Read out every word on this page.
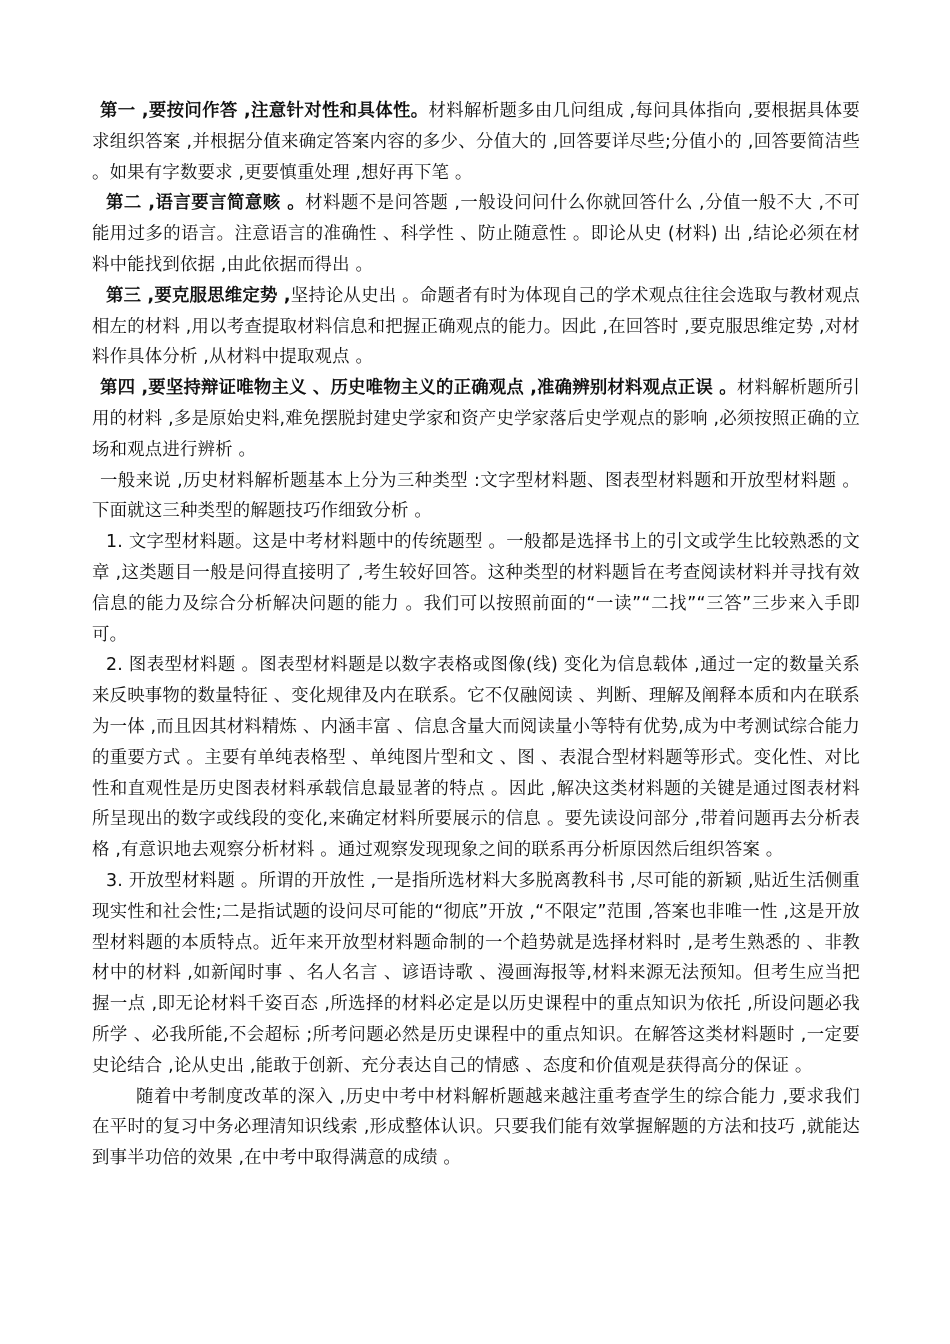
第一 ,要按问作答 ,注意针对性和具体性。材料解析题多由几问组成 ,每问具体指向 ,要根据具体要求组织答案 ,并根据分值来确定答案内容的多少、分值大的 ,回答要详尽些;分值小的 ,回答要简洁些 。如果有字数要求 ,更要慎重处理 ,想好再下笔 。

第二 ,语言要言简意赅 。材料题不是问答题 ,一般设问问什么你就回答什么 ,分值一般不大 ,不可能用过多的语言。注意语言的准确性 、科学性 、防止随意性 。即论从史 (材料) 出 ,结论必须在材料中能找到依据 ,由此依据而得出 。

第三 ,要克服思维定势 ,坚持论从史出 。命题者有时为体现自己的学术观点往往会选取与教材观点相左的材料 ,用以考查提取材料信息和把握正确观点的能力。因此 ,在回答时 ,要克服思维定势 ,对材料作具体分析 ,从材料中提取观点 。

第四 ,要坚持辩证唯物主义 、历史唯物主义的正确观点 ,准确辨别材料观点正误 。材料解析题所引用的材料 ,多是原始史料,难免摆脱封建史学家和资产史学家落后史学观点的影响 ,必须按照正确的立场和观点进行辨析 。

一般来说 ,历史材料解析题基本上分为三种类型 :文字型材料题、图表型材料题和开放型材料题 。下面就这三种类型的解题技巧作细致分析 。

1. 文字型材料题。这是中考材料题中的传统题型 。一般都是选择书上的引文或学生比较熟悉的文章 ,这类题目一般是问得直接明了 ,考生较好回答。这种类型的材料题旨在考查阅读材料并寻找有效信息的能力及综合分析解决问题的能力 。我们可以按照前面的“一读”“二找”“三答”三步来入手即可。

2. 图表型材料题 。图表型材料题是以数字表格或图像(线) 变化为信息载体 ,通过一定的数量关系来反映事物的数量特征 、变化规律及内在联系。它不仅融阅读 、判断、理解及阐释本质和内在联系为一体 ,而且因其材料精炼 、内涵丰富 、信息含量大而阅读量小等特有优势,成为中考测试综合能力的重要方式 。主要有单纯表格型 、单纯图片型和文 、图 、表混合型材料题等形式。变化性、对比性和直观性是历史图表材料承载信息最显著的特点 。因此 ,解决这类材料题的关键是通过图表材料所呈现出的数字或线段的变化,来确定材料所要展示的信息 。要先读设问部分 ,带着问题再去分析表格 ,有意识地去观察分析材料 。通过观察发现现象之间的联系再分析原因然后组织答案 。

3. 开放型材料题 。所谓的开放性 ,一是指所选材料大多脱离教科书 ,尽可能的新颖 ,贴近生活侧重现实性和社会性;二是指试题的设问尽可能的“彻底”开放 ,“不限定”范围 ,答案也非唯一性 ,这是开放型材料题的本质特点。近年来开放型材料题命制的一个趋势就是选择材料时 ,是考生熟悉的 、非教材中的材料 ,如新闻时事 、名人名言 、谚语诗歌 、漫画海报等,材料来源无法预知。但考生应当把握一点 ,即无论材料千姿百态 ,所选择的材料必定是以历史课程中的重点知识为依托 ,所设问题必我所学 、必我所能,不会超标 ;所考问题必然是历史课程中的重点知识。在解答这类材料题时 ,一定要史论结合 ,论从史出 ,能敢于创新、充分表达自己的情感 、态度和价值观是获得高分的保证 。

随着中考制度改革的深入 ,历史中考中材料解析题越来越注重考查学生的综合能力 ,要求我们在平时的复习中务必理清知识线索 ,形成整体认识。只要我们能有效掌握解题的方法和技巧 ,就能达到事半功倍的效果 ,在中考中取得满意的成绩 。
